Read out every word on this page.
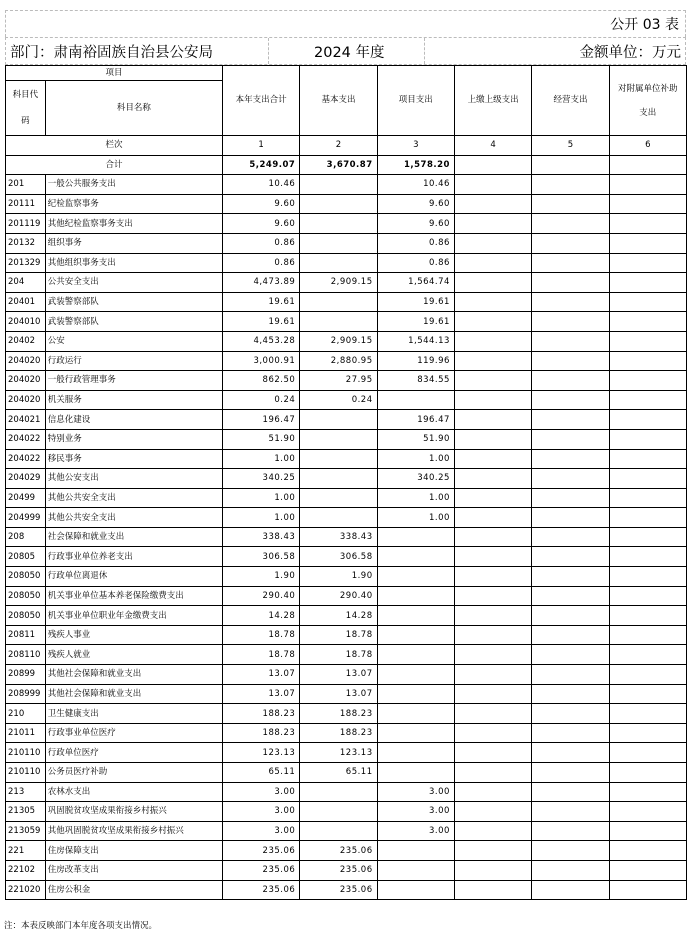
公开 03 表
部门：肃南裕固族自治县公安局	2024 年度	金额单位：万元
项目		本年支出合计	基本支出	项目支出	上缴上级支出	经营支出	对附属单位补助
支出

科目代
码	科目名称						
栏次		1	2	3	4	5	6
合计		5,249.07	3,670.87	1,578.20			
201	一般公共服务支出	10.46		10.46			
20111	纪检监察事务	9.60		9.60			
201119	其他纪检监察事务支出	9.60		9.60			
20132	组织事务	0.86		0.86			
201329	其他组织事务支出	0.86		0.86			
204	公共安全支出	4,473.89	2,909.15	1,564.74			
20401	武装警察部队	19.61		19.61			
204010	武装警察部队	19.61		19.61			
20402	公安	4,453.28	2,909.15	1,544.13			
204020	行政运行	3,000.91	2,880.95	119.96			
204020	一般行政管理事务	862.50	27.95	834.55			
204020	机关服务	0.24	0.24				
204021	信息化建设	196.47		196.47			
204022	特别业务	51.90		51.90			
204022	移民事务	1.00		1.00			
204029	其他公安支出	340.25		340.25			
20499	其他公共安全支出	1.00		1.00			
204999	其他公共安全支出	1.00		1.00			
208	社会保障和就业支出	338.43	338.43				
20805	行政事业单位养老支出	306.58	306.58				
208050	行政单位离退休	1.90	1.90				
208050	机关事业单位基本养老保险缴费支出	290.40	290.40				
208050	机关事业单位职业年金缴费支出	14.28	14.28				
20811	残疾人事业	18.78	18.78				
208110	残疾人就业	18.78	18.78				
20899	其他社会保障和就业支出	13.07	13.07				
208999	其他社会保障和就业支出	13.07	13.07				
210	卫生健康支出	188.23	188.23				
21011	行政事业单位医疗	188.23	188.23				
210110	行政单位医疗	123.13	123.13				
210110	公务员医疗补助	65.11	65.11				
213	农林水支出	3.00		3.00			
21305	巩固脱贫攻坚成果衔接乡村振兴	3.00		3.00			
213059	其他巩固脱贫攻坚成果衔接乡村振兴	3.00		3.00			
221	住房保障支出	235.06	235.06				
22102	住房改革支出	235.06	235.06				
221020	住房公积金	235.06	235.06				
注：本表反映部门本年度各项支出情况。
